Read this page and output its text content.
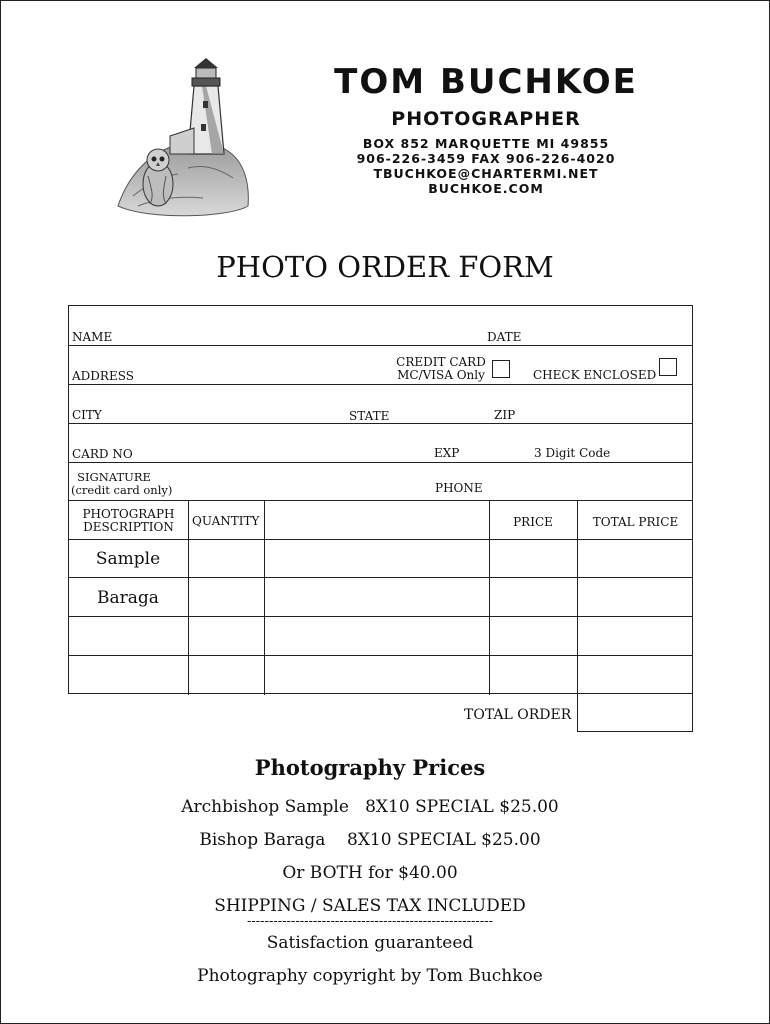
TOM BUCHKOE
PHOTOGRAPHER
BOX 852 MARQUETTE MI 49855
906-226-3459 FAX 906-226-4020
TBUCHKOE@CHARTERMI.NET
BUCHKOE.COM
PHOTO ORDER FORM
NAME	DATE
ADDRESS
CREDIT CARD
MC/VISA Only	CHECK ENCLOSED
CITY	STATE	ZIP
CARD NO	EXP	3 Digit Code
SIGNATURE
(credit card only)	PHONE
PHOTOGRAPH
DESCRIPTION	QUANTITY	PRICE	TOTAL PRICE
Sample
Baraga
TOTAL ORDER
Photography Prices

Archbishop Sample   8X10 SPECIAL $25.00

Bishop Baraga    8X10 SPECIAL $25.00

Or BOTH for $40.00

SHIPPING / SALES TAX INCLUDED

--------------------------------------------------------

Satisfaction guaranteed

Photography copyright by Tom Buchkoe
